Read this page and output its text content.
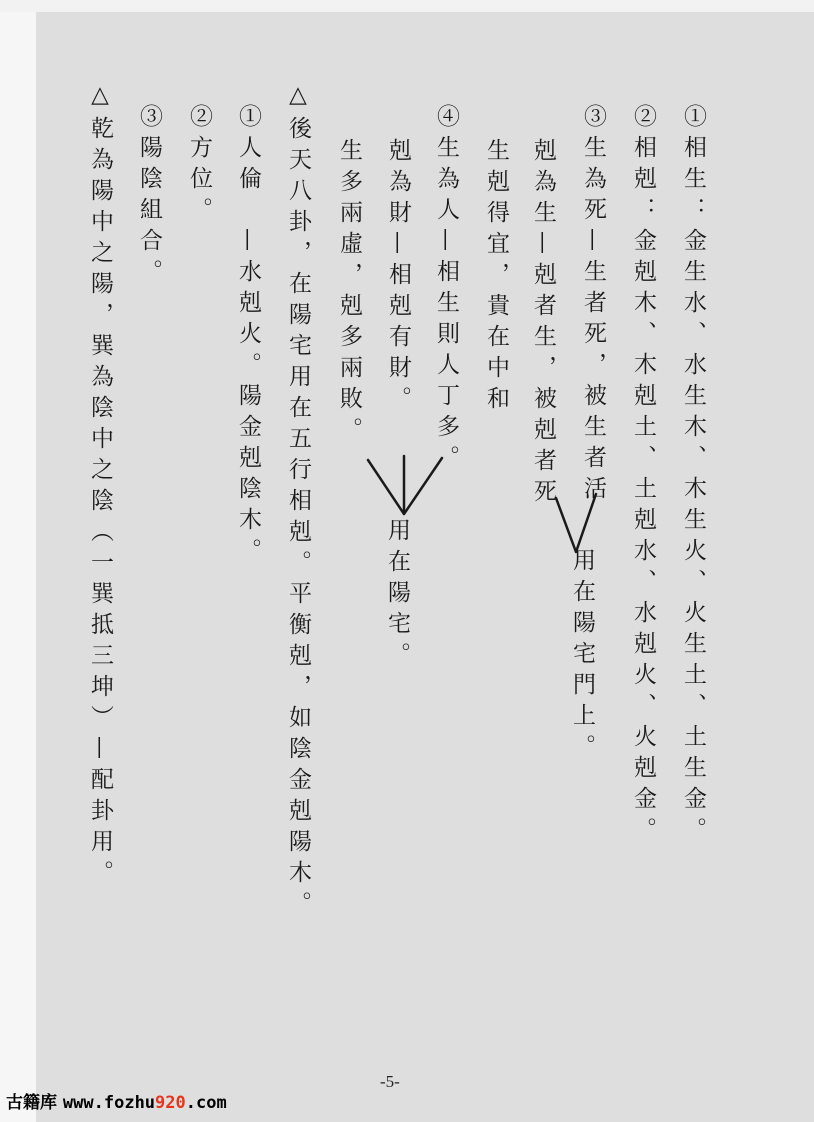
①相生：金生水、水生木、木生火、火生土、土生金。
②相剋：金剋木、木剋土、土剋水、水剋火、火剋金。
③生為死—生者死，被生者活
剋為生—剋者生，被剋者死
用在陽宅門上。
生剋得宜，貴在中和
④生為人—相生則人丁多。
剋為財—相剋有財。
用在陽宅。
生多兩虛，剋多兩敗。
△後天八卦，在陽宅用在五行相剋。平衡剋，如陰金剋陽木。
①人倫　—水剋火。陽金剋陰木。
②方位。
③陽陰組合。
△乾為陽中之陽，巽為陰中之陰（一巽抵三坤）—配卦用。
-5-
古籍库 www.fozhu920.com
